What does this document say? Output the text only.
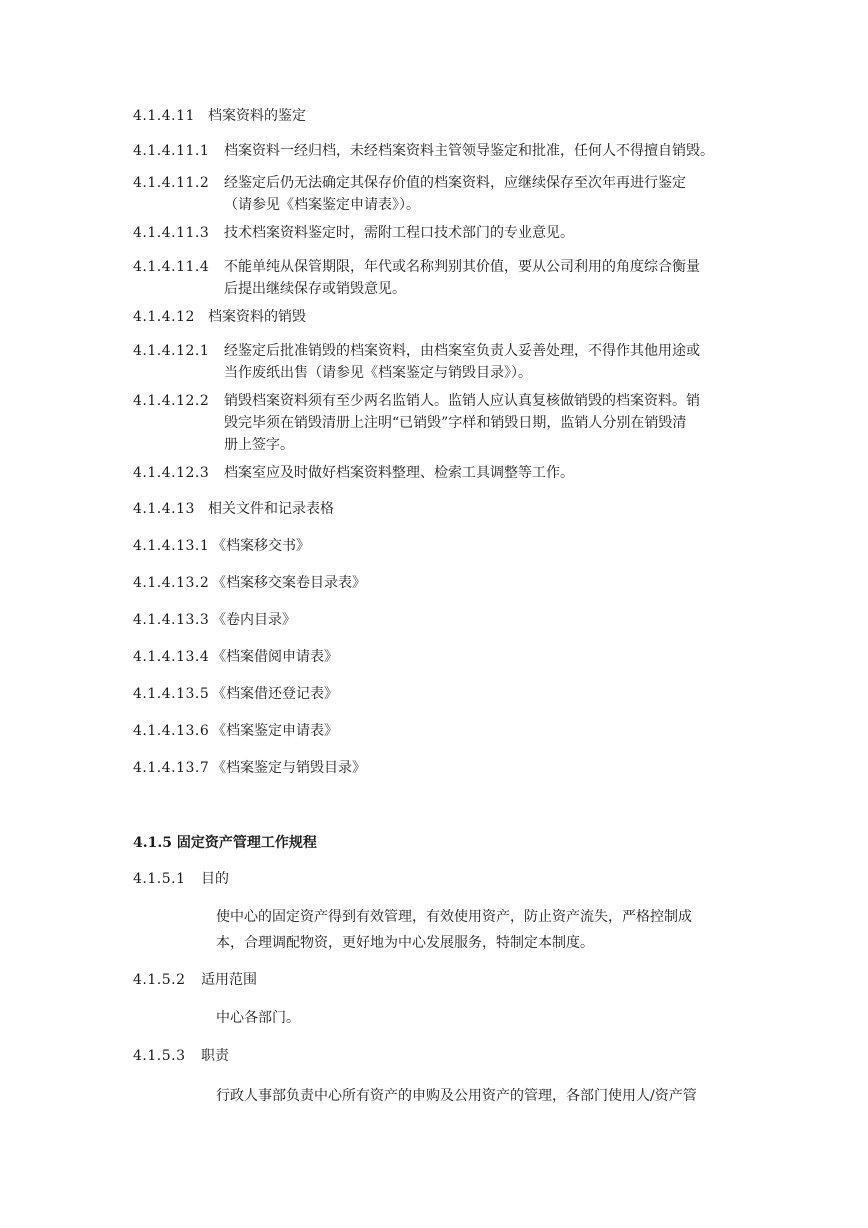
4.1.4.11 档案资料的鉴定
4.1.4.11.1 档案资料一经归档，未经档案资料主管领导鉴定和批准，任何人不得擅自销毁。
4.1.4.11.2 经鉴定后仍无法确定其保存价值的档案资料，应继续保存至次年再进行鉴定
（请参见《档案鉴定申请表》）。
4.1.4.11.3 技术档案资料鉴定时，需附工程口技术部门的专业意见。
4.1.4.11.4 不能单纯从保管期限，年代或名称判别其价值，要从公司利用的角度综合衡量
后提出继续保存或销毁意见。
4.1.4.12 档案资料的销毁
4.1.4.12.1 经鉴定后批准销毁的档案资料，由档案室负责人妥善处理，不得作其他用途或
当作废纸出售（请参见《档案鉴定与销毁目录》）。
4.1.4.12.2 销毁档案资料须有至少两名监销人。监销人应认真复核做销毁的档案资料。销
毁完毕须在销毁清册上注明“已销毁”字样和销毁日期，监销人分别在销毁清
册上签字。
4.1.4.12.3 档案室应及时做好档案资料整理、检索工具调整等工作。
4.1.4.13 相关文件和记录表格
4.1.4.13.1 《档案移交书》
4.1.4.13.2 《档案移交案卷目录表》
4.1.4.13.3 《卷内目录》
4.1.4.13.4 《档案借阅申请表》
4.1.4.13.5 《档案借还登记表》
4.1.4.13.6 《档案鉴定申请表》
4.1.4.13.7 《档案鉴定与销毁目录》
4.1.5 固定资产管理工作规程
4.1.5.1 目的
使中心的固定资产得到有效管理，有效使用资产，防止资产流失，严格控制成
本，合理调配物资，更好地为中心发展服务，特制定本制度。
4.1.5.2 适用范围
中心各部门。
4.1.5.3 职责
行政人事部负责中心所有资产的申购及公用资产的管理，各部门使用人/资产管
